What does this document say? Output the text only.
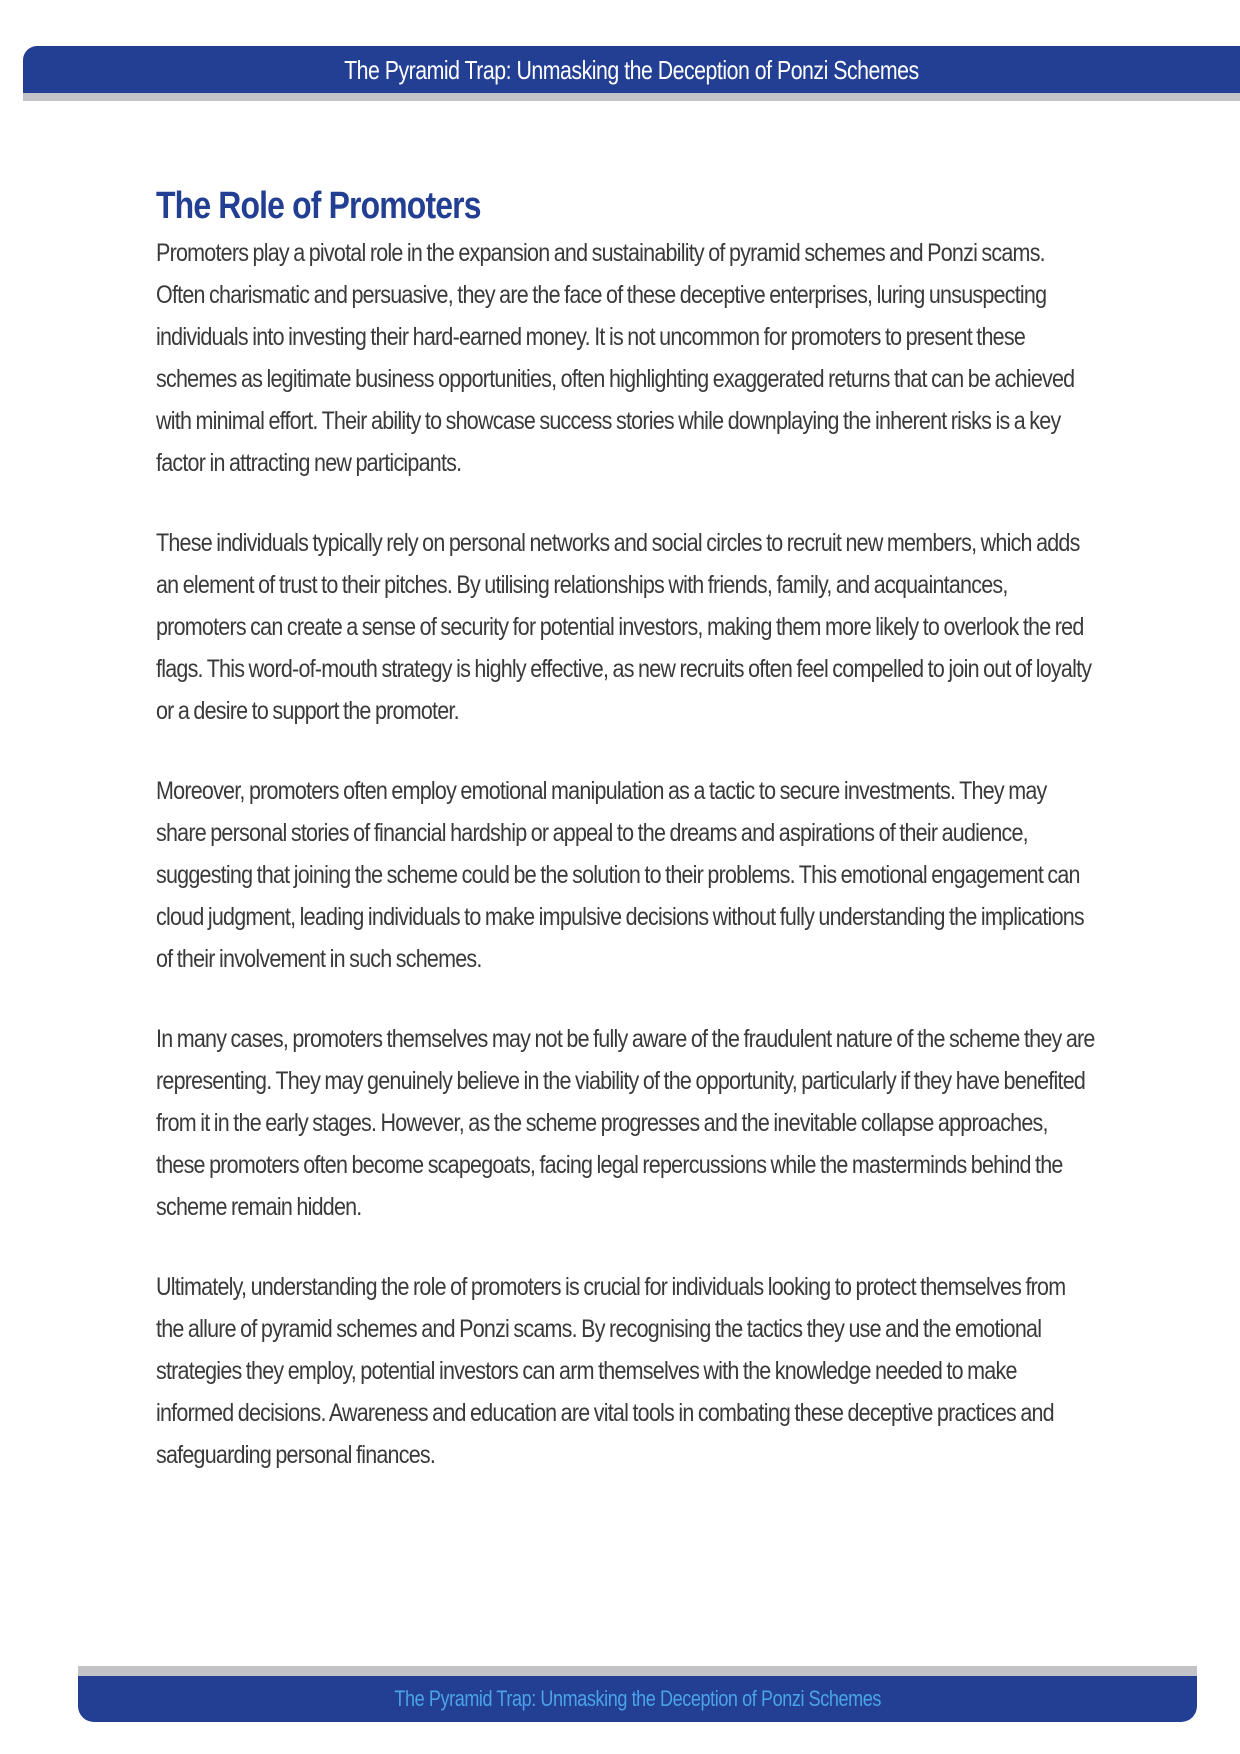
The Pyramid Trap: Unmasking the Deception of Ponzi Schemes
The Role of Promoters

Promoters play a pivotal role in the expansion and sustainability of pyramid schemes and Ponzi scams. Often charismatic and persuasive, they are the face of these deceptive enterprises, luring unsuspecting individuals into investing their hard-earned money. It is not uncommon for promoters to present these schemes as legitimate business opportunities, often highlighting exaggerated returns that can be achieved with minimal effort. Their ability to showcase success stories while downplaying the inherent risks is a key factor in attracting new participants.

These individuals typically rely on personal networks and social circles to recruit new members, which adds an element of trust to their pitches. By utilising relationships with friends, family, and acquaintances, promoters can create a sense of security for potential investors, making them more likely to overlook the red flags. This word-of-mouth strategy is highly effective, as new recruits often feel compelled to join out of loyalty or a desire to support the promoter.

Moreover, promoters often employ emotional manipulation as a tactic to secure investments. They may share personal stories of financial hardship or appeal to the dreams and aspirations of their audience, suggesting that joining the scheme could be the solution to their problems. This emotional engagement can cloud judgment, leading individuals to make impulsive decisions without fully understanding the implications of their involvement in such schemes.

In many cases, promoters themselves may not be fully aware of the fraudulent nature of the scheme they are representing. They may genuinely believe in the viability of the opportunity, particularly if they have benefited from it in the early stages. However, as the scheme progresses and the inevitable collapse approaches, these promoters often become scapegoats, facing legal repercussions while the masterminds behind the scheme remain hidden.

Ultimately, understanding the role of promoters is crucial for individuals looking to protect themselves from the allure of pyramid schemes and Ponzi scams. By recognising the tactics they use and the emotional strategies they employ, potential investors can arm themselves with the knowledge needed to make informed decisions. Awareness and education are vital tools in combating these deceptive practices and safeguarding personal finances.

The Pyramid Trap: Unmasking the Deception of Ponzi Schemes
